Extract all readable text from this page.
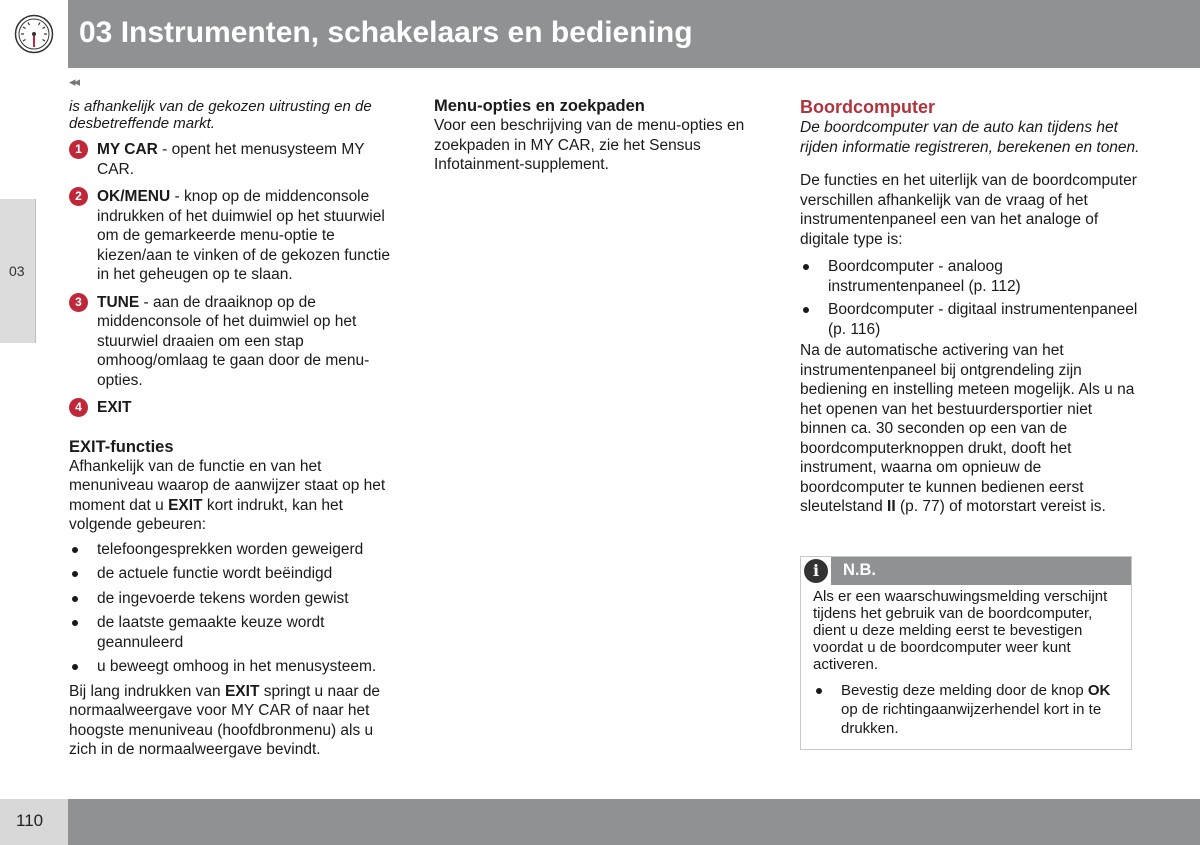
03 Instrumenten, schakelaars en bediening
03
◂◂

is afhankelijk van de gekozen uitrusting en de desbetreffende markt.

1 MY CAR - opent het menusysteem MY CAR.
2 OK/MENU - knop op de middenconsole indrukken of het duimwiel op het stuurwiel om de gemarkeerde menu-optie te kiezen/aan te vinken of de gekozen functie in het geheugen op te slaan.
3 TUNE - aan de draaiknop op de middenconsole of het duimwiel op het stuurwiel draaien om een stap omhoog/omlaag te gaan door de menu-opties.
4 EXIT

EXIT-functies

Afhankelijk van de functie en van het menuniveau waarop de aanwijzer staat op het moment dat u EXIT kort indrukt, kan het volgende gebeuren:

telefoongesprekken worden geweigerd
de actuele functie wordt beëindigd
de ingevoerde tekens worden gewist
de laatste gemaakte keuze wordt geannuleerd
u beweegt omhoog in het menusysteem.

Bij lang indrukken van EXIT springt u naar de normaalweergave voor MY CAR of naar het hoogste menuniveau (hoofdbronmenu) als u zich in de normaalweergave bevindt.

Menu-opties en zoekpaden

Voor een beschrijving van de menu-opties en zoekpaden in MY CAR, zie het Sensus Infotainment-supplement.

Boordcomputer

De boordcomputer van de auto kan tijdens het rijden informatie registreren, berekenen en tonen.

De functies en het uiterlijk van de boordcomputer verschillen afhankelijk van de vraag of het instrumentenpaneel een van het analoge of digitale type is:

Boordcomputer - analoog instrumentenpaneel (p. 112)
Boordcomputer - digitaal instrumentenpaneel (p. 116)

Na de automatische activering van het instrumentenpaneel bij ontgrendeling zijn bediening en instelling meteen mogelijk. Als u na het openen van het bestuurdersportier niet binnen ca. 30 seconden op een van de boordcomputerknoppen drukt, dooft het instrument, waarna om opnieuw de boordcomputer te kunnen bedienen eerst sleutelstand II (p. 77) of motorstart vereist is.

i	N.B.

Als er een waarschuwingsmelding verschijnt tijdens het gebruik van de boordcomputer, dient u deze melding eerst te bevestigen voordat u de boordcomputer weer kunt activeren.

Bevestig deze melding door de knop OK op de richtingaanwijzerhendel kort in te drukken.
110
